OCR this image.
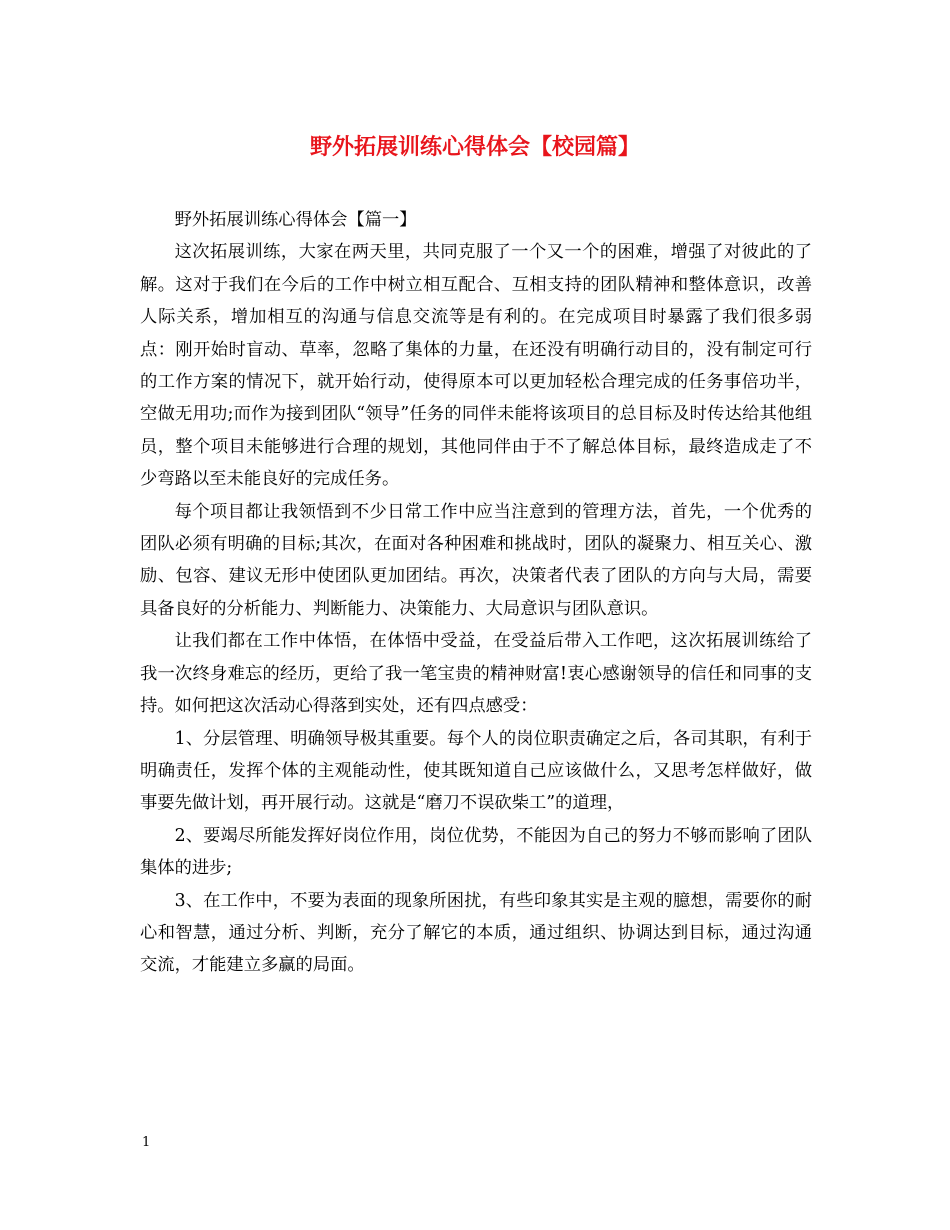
野外拓展训练心得体会【校园篇】

野外拓展训练心得体会【篇一】

这次拓展训练，大家在两天里，共同克服了一个又一个的困难，增强了对彼此的了解。这对于我们在今后的工作中树立相互配合、互相支持的团队精神和整体意识，改善人际关系，增加相互的沟通与信息交流等是有利的。在完成项目时暴露了我们很多弱点：刚开始时盲动、草率，忽略了集体的力量，在还没有明确行动目的，没有制定可行的工作方案的情况下，就开始行动，使得原本可以更加轻松合理完成的任务事倍功半，空做无用功;而作为接到团队“领导”任务的同伴未能将该项目的总目标及时传达给其他组员，整个项目未能够进行合理的规划，其他同伴由于不了解总体目标，最终造成走了不少弯路以至未能良好的完成任务。

每个项目都让我领悟到不少日常工作中应当注意到的管理方法，首先，一个优秀的团队必须有明确的目标;其次，在面对各种困难和挑战时，团队的凝聚力、相互关心、激励、包容、建议无形中使团队更加团结。再次，决策者代表了团队的方向与大局，需要具备良好的分析能力、判断能力、决策能力、大局意识与团队意识。

让我们都在工作中体悟，在体悟中受益，在受益后带入工作吧，这次拓展训练给了我一次终身难忘的经历，更给了我一笔宝贵的精神财富!衷心感谢领导的信任和同事的支持。如何把这次活动心得落到实处，还有四点感受：

1、分层管理、明确领导极其重要。每个人的岗位职责确定之后，各司其职，有利于明确责任，发挥个体的主观能动性，使其既知道自己应该做什么，又思考怎样做好，做事要先做计划，再开展行动。这就是“磨刀不误砍柴工”的道理，

2、要竭尽所能发挥好岗位作用，岗位优势，不能因为自己的努力不够而影响了团队集体的进步;

3、在工作中，不要为表面的现象所困扰，有些印象其实是主观的臆想，需要你的耐心和智慧，通过分析、判断，充分了解它的本质，通过组织、协调达到目标，通过沟通交流，才能建立多赢的局面。

1
